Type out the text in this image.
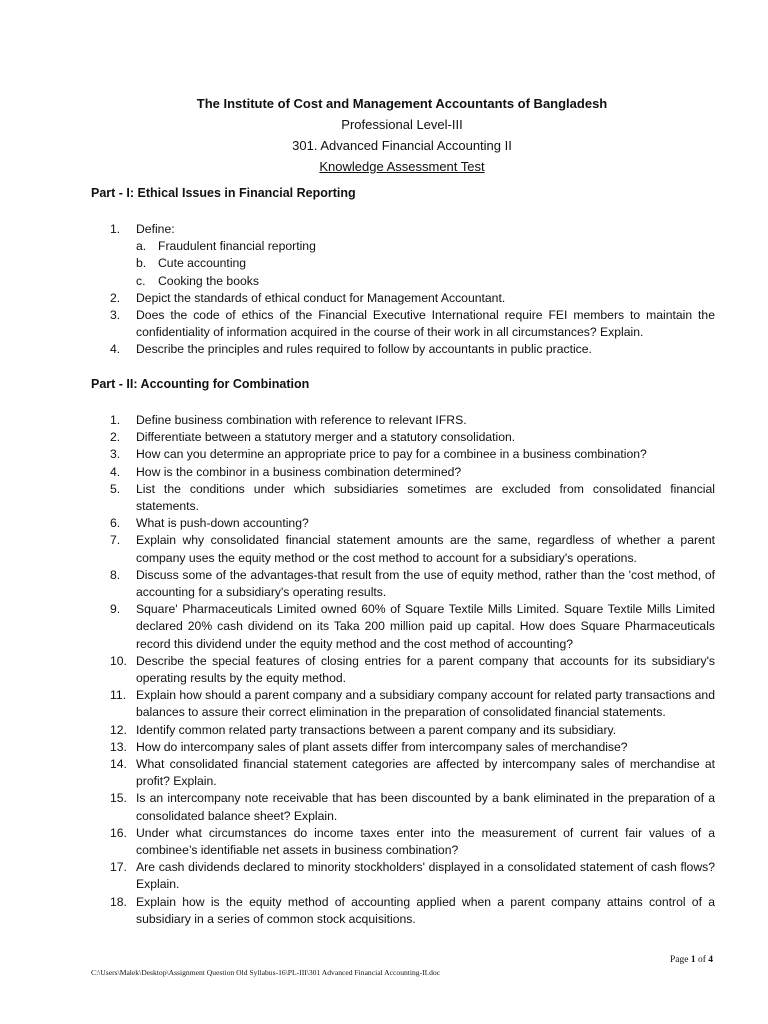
The Institute of Cost and Management Accountants of Bangladesh
Professional Level-III
301. Advanced Financial Accounting II
Knowledge Assessment Test
Part - I: Ethical Issues in Financial Reporting
1.	Define:
a. Fraudulent financial reporting
b. Cute accounting
c. Cooking the books
2.	Depict the standards of ethical conduct for Management Accountant.
3.	Does the code of ethics of the Financial Executive International require FEI members to maintain the confidentiality of information acquired in the course of their work in all circumstances? Explain.
4.	Describe the principles and rules required to follow by accountants in public practice.
Part - II: Accounting for Combination
1.	Define business combination with reference to relevant IFRS.
2.	Differentiate between a statutory merger and a statutory consolidation.
3.	How can you determine an appropriate price to pay for a combinee in a business combination?
4.	How is the combinor in a business combination determined?
5.	List the conditions under which subsidiaries sometimes are excluded from consolidated financial statements.
6.	What is push-down accounting?
7.	Explain why consolidated financial statement amounts are the same, regardless of whether a parent company uses the equity method or the cost method to account for a subsidiary's operations.
8.	Discuss some of the advantages-that result from the use of equity method, rather than the 'cost method, of accounting for a subsidiary's operating results.
9.	Square' Pharmaceuticals Limited owned 60% of Square Textile Mills Limited. Square Textile Mills Limited declared 20% cash dividend on its Taka 200 million paid up capital. How does Square Pharmaceuticals record this dividend under the equity method and the cost method of accounting?
10. Describe the special features of closing entries for a parent company that accounts for its subsidiary's operating results by the equity method.
11. Explain how should a parent company and a subsidiary company account for related party transactions and balances to assure their correct elimination in the preparation of consolidated financial statements.
12. Identify common related party transactions between a parent company and its subsidiary.
13. How do intercompany sales of plant assets differ from intercompany sales of merchandise?
14. What consolidated financial statement categories are affected by intercompany sales of merchandise at profit? Explain.
15. Is an intercompany note receivable that has been discounted by a bank eliminated in the preparation of a consolidated balance sheet? Explain.
16. Under what circumstances do income taxes enter into the measurement of current fair values of a combinee’s identifiable net assets in business combination?
17. Are cash dividends declared to minority stockholders' displayed in a consolidated statement of cash flows? Explain.
18. Explain how is the equity method of accounting applied when a parent company attains control of a subsidiary in a series of common stock acquisitions.
Page 1 of 4
C:\Users\Malek\Desktop\Assignment Question Old Syllabus-16\PL-III\301 Advanced Financial Accounting-II.doc
